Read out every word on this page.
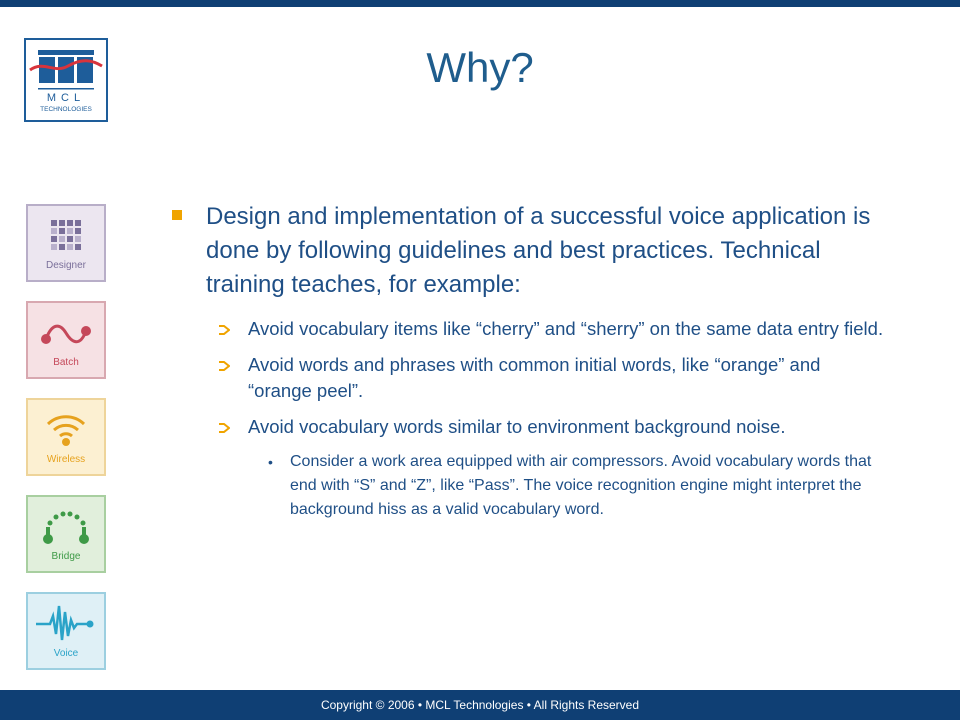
MCL
TECHNOLOGIES
Why?
Designer
Batch
Wireless
Bridge
Voice
Design and implementation of a successful voice application is done by following guidelines and best practices. Technical training teaches, for example:
Avoid vocabulary items like “cherry” and “sherry” on the same data entry field.
Avoid words and phrases with common initial words, like “orange” and “orange peel”.
Avoid vocabulary words similar to environment background noise.
• Consider a work area equipped with air compressors. Avoid vocabulary words that end with “S” and “Z”, like “Pass”. The voice recognition engine might interpret the background hiss as a valid vocabulary word.
Copyright © 2006 • MCL Technologies • All Rights Reserved
